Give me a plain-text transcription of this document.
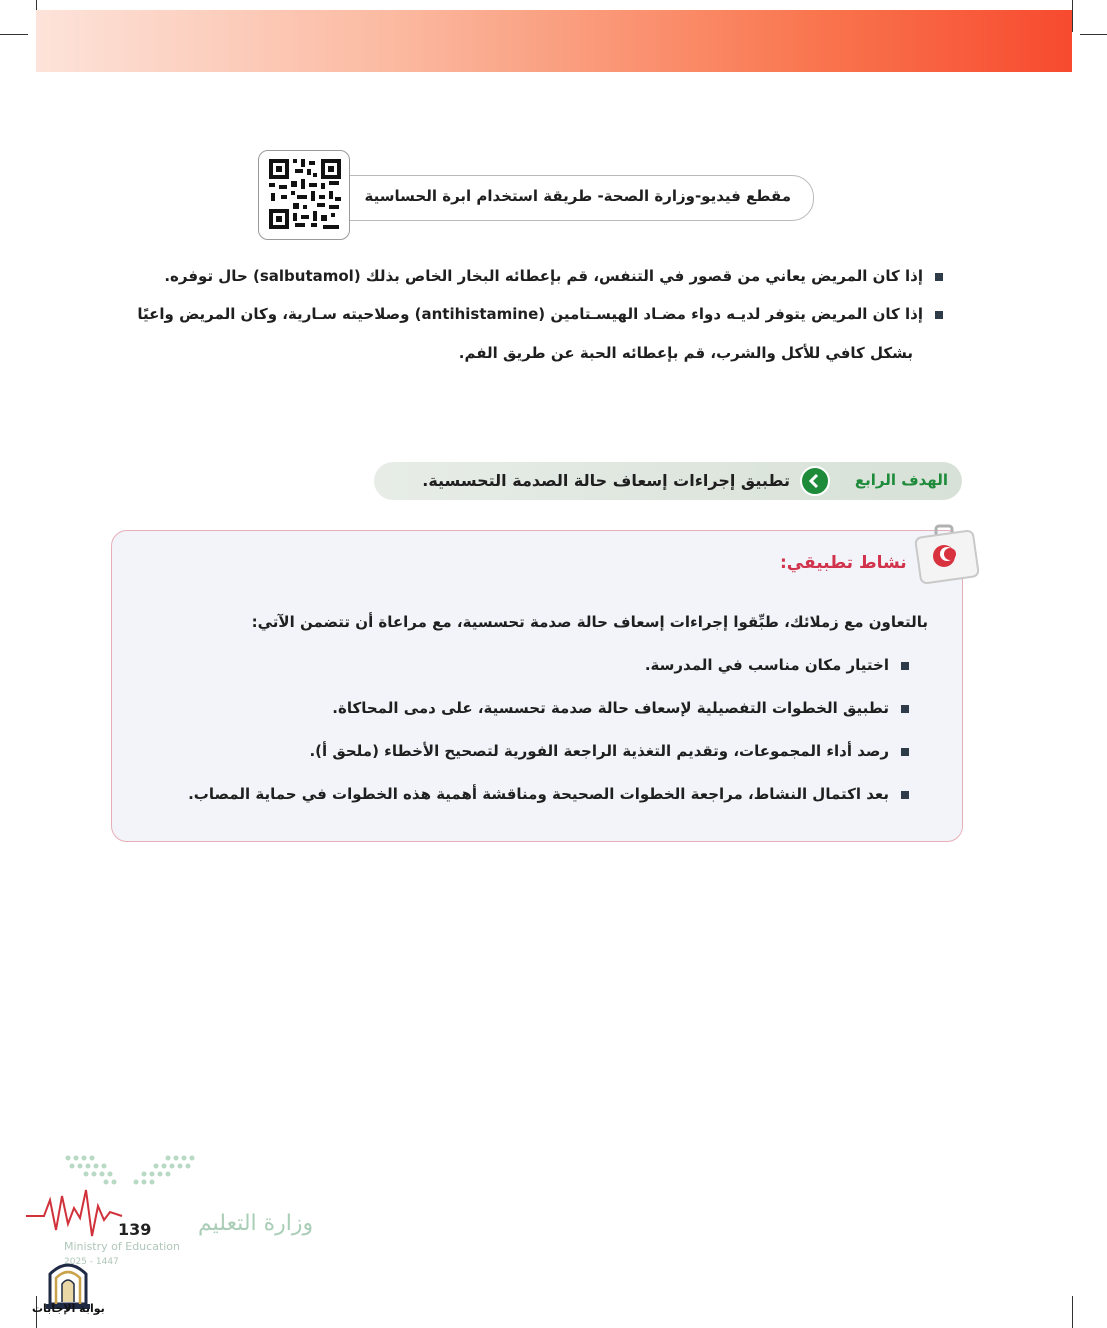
مقطع فيديو-وزارة الصحة- طريقة استخدام ابرة الحساسية
إذا كان المريض يعاني من قصور في التنفس، قم بإعطائه البخار الخاص بذلك (salbutamol) حال توفره.
إذا كان المريض يتوفر لديـه دواء مضـاد الهيسـتامين (antihistamine) وصلاحيته سـارية، وكان المريض واعيًا
بشكل كافي للأكل والشرب، قم بإعطائه الحبة عن طريق الفم.
الهدف الرابع
تطبيق إجراءات إسعاف حالة الصدمة التحسسية.
نشاط تطبيقي:
بالتعاون مع زملائك، طبِّقوا إجراءات إسعاف حالة صدمة تحسسية، مع مراعاة أن تتضمن الآتي:
اختيار مكان مناسب في المدرسة.
تطبيق الخطوات التفصيلية لإسعاف حالة صدمة تحسسية، على دمى المحاكاة.
رصد أداء المجموعات، وتقديم التغذية الراجعة الفورية لتصحيح الأخطاء (ملحق أ).
بعد اكتمال النشاط، مراجعة الخطوات الصحيحة ومناقشة أهمية هذه الخطوات في حماية المصاب.
وزارة التعليم
Ministry of Education
2025 - 1447
139
بوابة الإجابات
